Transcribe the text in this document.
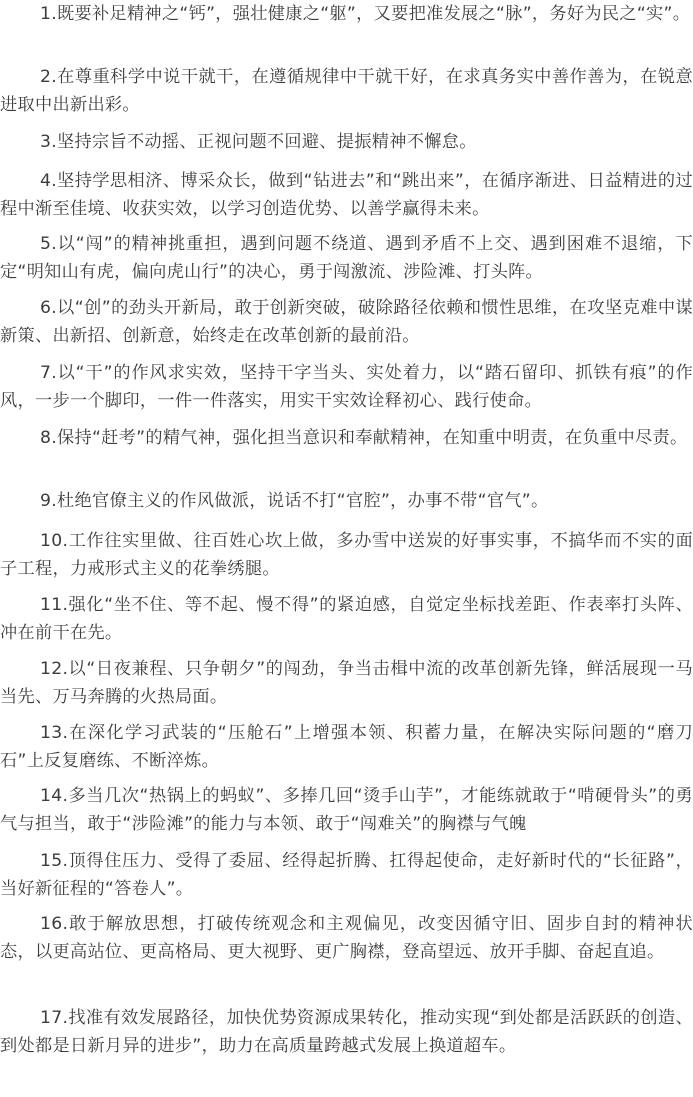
1.既要补足精神之“钙”，强壮健康之“躯”，又要把准发展之“脉”，务好为民之“实”。

2.在尊重科学中说干就干，在遵循规律中干就干好，在求真务实中善作善为，在锐意进取中出新出彩。

3.坚持宗旨不动摇、正视问题不回避、提振精神不懈怠。

4.坚持学思相济、博采众长，做到“钻进去”和“跳出来”，在循序渐进、日益精进的过程中渐至佳境、收获实效，以学习创造优势、以善学赢得未来。

5.以“闯”的精神挑重担，遇到问题不绕道、遇到矛盾不上交、遇到困难不退缩，下定“明知山有虎，偏向虎山行”的决心，勇于闯激流、涉险滩、打头阵。

6.以“创”的劲头开新局，敢于创新突破，破除路径依赖和惯性思维，在攻坚克难中谋新策、出新招、创新意，始终走在改革创新的最前沿。

7.以“干”的作风求实效，坚持干字当头、实处着力，以“踏石留印、抓铁有痕”的作风，一步一个脚印，一件一件落实，用实干实效诠释初心、践行使命。

8.保持“赶考”的精气神，强化担当意识和奉献精神，在知重中明责，在负重中尽责。

9.杜绝官僚主义的作风做派，说话不打“官腔”，办事不带“官气”。

10.工作往实里做、往百姓心坎上做，多办雪中送炭的好事实事，不搞华而不实的面子工程，力戒形式主义的花拳绣腿。

11.强化“坐不住、等不起、慢不得”的紧迫感，自觉定坐标找差距、作表率打头阵、冲在前干在先。

12.以“日夜兼程、只争朝夕”的闯劲，争当击楫中流的改革创新先锋，鲜活展现一马当先、万马奔腾的火热局面。

13.在深化学习武装的“压舱石”上增强本领、积蓄力量，在解决实际问题的“磨刀石”上反复磨练、不断淬炼。

14.多当几次“热锅上的蚂蚁”、多捧几回“烫手山芋”，才能练就敢于“啃硬骨头”的勇气与担当，敢于“涉险滩”的能力与本领、敢于“闯难关”的胸襟与气魄

15.顶得住压力、受得了委屈、经得起折腾、扛得起使命，走好新时代的“长征路”，当好新征程的“答卷人”。

16.敢于解放思想，打破传统观念和主观偏见，改变因循守旧、固步自封的精神状态，以更高站位、更高格局、更大视野、更广胸襟，登高望远、放开手脚、奋起直追。

17.找准有效发展路径，加快优势资源成果转化，推动实现“到处都是活跃跃的创造、到处都是日新月异的进步”，助力在高质量跨越式发展上换道超车。
